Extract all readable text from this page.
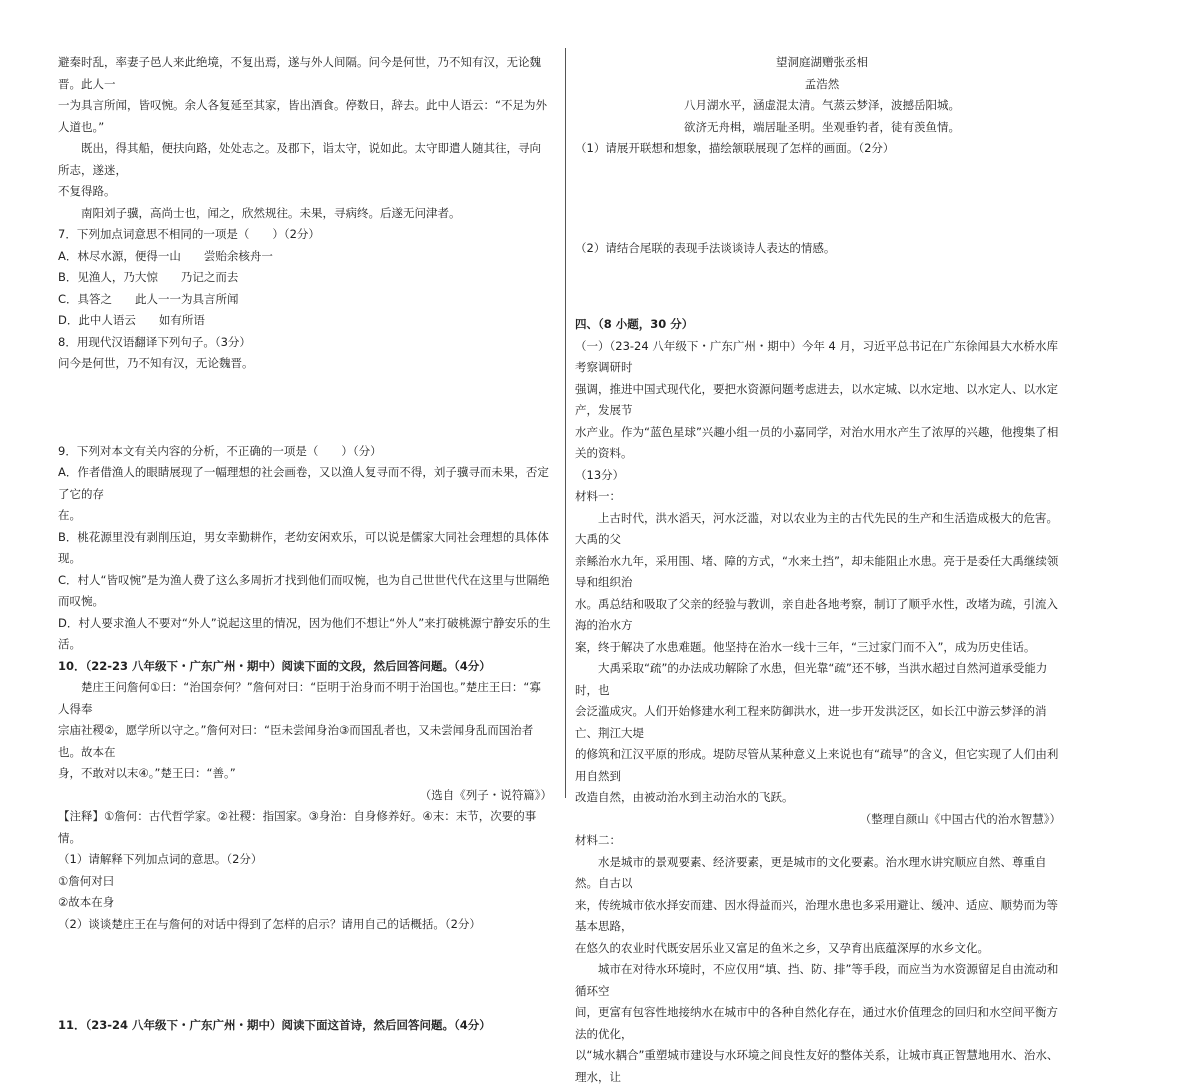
避秦时乱，率妻子邑人来此绝境，不复出焉，遂与外人间隔。问今是何世，乃不知有汉，无论魏晋。此人一

一为具言所闻，皆叹惋。余人各复延至其家，皆出酒食。停数日，辞去。此中人语云：“不足为外人道也。”

既出，得其船，便扶向路，处处志之。及郡下，诣太守，说如此。太守即遣人随其往，寻向所志，遂迷，

不复得路。

南阳刘子骥，高尚士也，闻之，欣然规往。未果，寻病终。后遂无问津者。

7．下列加点词意思不相同的一项是（　　）（2分）

A．林尽水源，便得一山　　尝贻余核舟一

B．见渔人，乃大惊　　乃记之而去

C．具答之　　此人一一为具言所闻

D．此中人语云　　如有所语

8．用现代汉语翻译下列句子。（3分）

问今是何世，乃不知有汉，无论魏晋。

9．下列对本文有关内容的分析，不正确的一项是（　　）（分）

A．作者借渔人的眼睛展现了一幅理想的社会画卷，又以渔人复寻而不得，刘子骥寻而未果，否定了它的存

在。

B．桃花源里没有剥削压迫，男女幸勤耕作，老幼安闲欢乐，可以说是儒家大同社会理想的具体体现。

C．村人“皆叹惋”是为渔人费了这么多周折才找到他们而叹惋，也为自己世世代代在这里与世隔绝而叹惋。

D．村人要求渔人不要对“外人”说起这里的情况，因为他们不想让“外人”来打破桃源宁静安乐的生活。

10．（22-23 八年级下・广东广州・期中）阅读下面的文段，然后回答问题。（4分）

楚庄王问詹何①曰：“治国奈何？”詹何对曰：“臣明于治身而不明于治国也。”楚庄王曰：“寡人得奉

宗庙社稷②，愿学所以守之。”詹何对曰：“臣未尝闻身治③而国乱者也，又未尝闻身乱而国治者也。故本在

身，不敢对以末④。”楚王曰：“善。”

（选自《列子・说符篇》）

【注释】①詹何：古代哲学家。②社稷：指国家。③身治：自身修养好。④末：末节，次要的事情。

（1）请解释下列加点词的意思。（2分）

①詹何对曰

②故本在身

（2）谈谈楚庄王在与詹何的对话中得到了怎样的启示？请用自己的话概括。（2分）

11．（23-24 八年级下・广东广州・期中）阅读下面这首诗，然后回答问题。（4分）

望洞庭湖赠张丞相

孟浩然

八月湖水平，涵虚混太清。气蒸云梦泽，波撼岳阳城。

欲济无舟楫，端居耻圣明。坐观垂钓者，徒有羡鱼情。

（1）请展开联想和想象，描绘颔联展现了怎样的画面。（2分）

（2）请结合尾联的表现手法谈谈诗人表达的情感。

四、（8 小题，30 分）

（一）（23-24 八年级下・广东广州・期中）今年 4 月，习近平总书记在广东徐闻县大水桥水库考察调研时

强调，推进中国式现代化，要把水资源问题考虑进去，以水定城、以水定地、以水定人、以水定产，发展节

水产业。作为“蓝色星球”兴趣小组一员的小嘉同学，对治水用水产生了浓厚的兴趣，他搜集了相关的资料。

（13分）

材料一：

上古时代，洪水滔天，河水泛滥，对以农业为主的古代先民的生产和生活造成极大的危害。大禹的父

亲鲧治水九年，采用围、堵、障的方式，“水来土挡”，却未能阻止水患。亮于是委任大禹继续领导和组织治

水。禹总结和吸取了父亲的经验与教训，亲自赴各地考察，制订了顺乎水性，改堵为疏，引流入海的治水方

案，终于解决了水患难题。他坚持在治水一线十三年，“三过家门而不入”，成为历史佳话。

大禹采取“疏”的办法成功解除了水患，但光靠“疏”还不够，当洪水超过自然河道承受能力时，也

会泛滥成灾。人们开始修建水利工程来防御洪水，进一步开发洪泛区，如长江中游云梦泽的消亡、荆江大堤

的修筑和江汉平原的形成。堤防尽管从某种意义上来说也有“疏导”的含义，但它实现了人们由利用自然到

改造自然，由被动治水到主动治水的飞跃。

（整理自颜山《中国古代的治水智慧》）

材料二：

水是城市的景观要素、经济要素，更是城市的文化要素。治水理水讲究顺应自然、尊重自然。自古以

来，传统城市依水择安而建、因水得益而兴，治理水患也多采用避让、缓冲、适应、顺势而为等基本思路，

在悠久的农业时代既安居乐业又富足的鱼米之乡，又孕育出底蕴深厚的水乡文化。

城市在对待水环境时，不应仅用“填、挡、防、排”等手段，而应当为水资源留足自由流动和循环空

间，更富有包容性地接纳水在城市中的各种自然化存在，通过水价值理念的回归和水空间平衡方法的优化，

以“城水耦合”重塑城市建设与水环境之间良性友好的整体关系，让城市真正智慧地用水、治水、理水，让
